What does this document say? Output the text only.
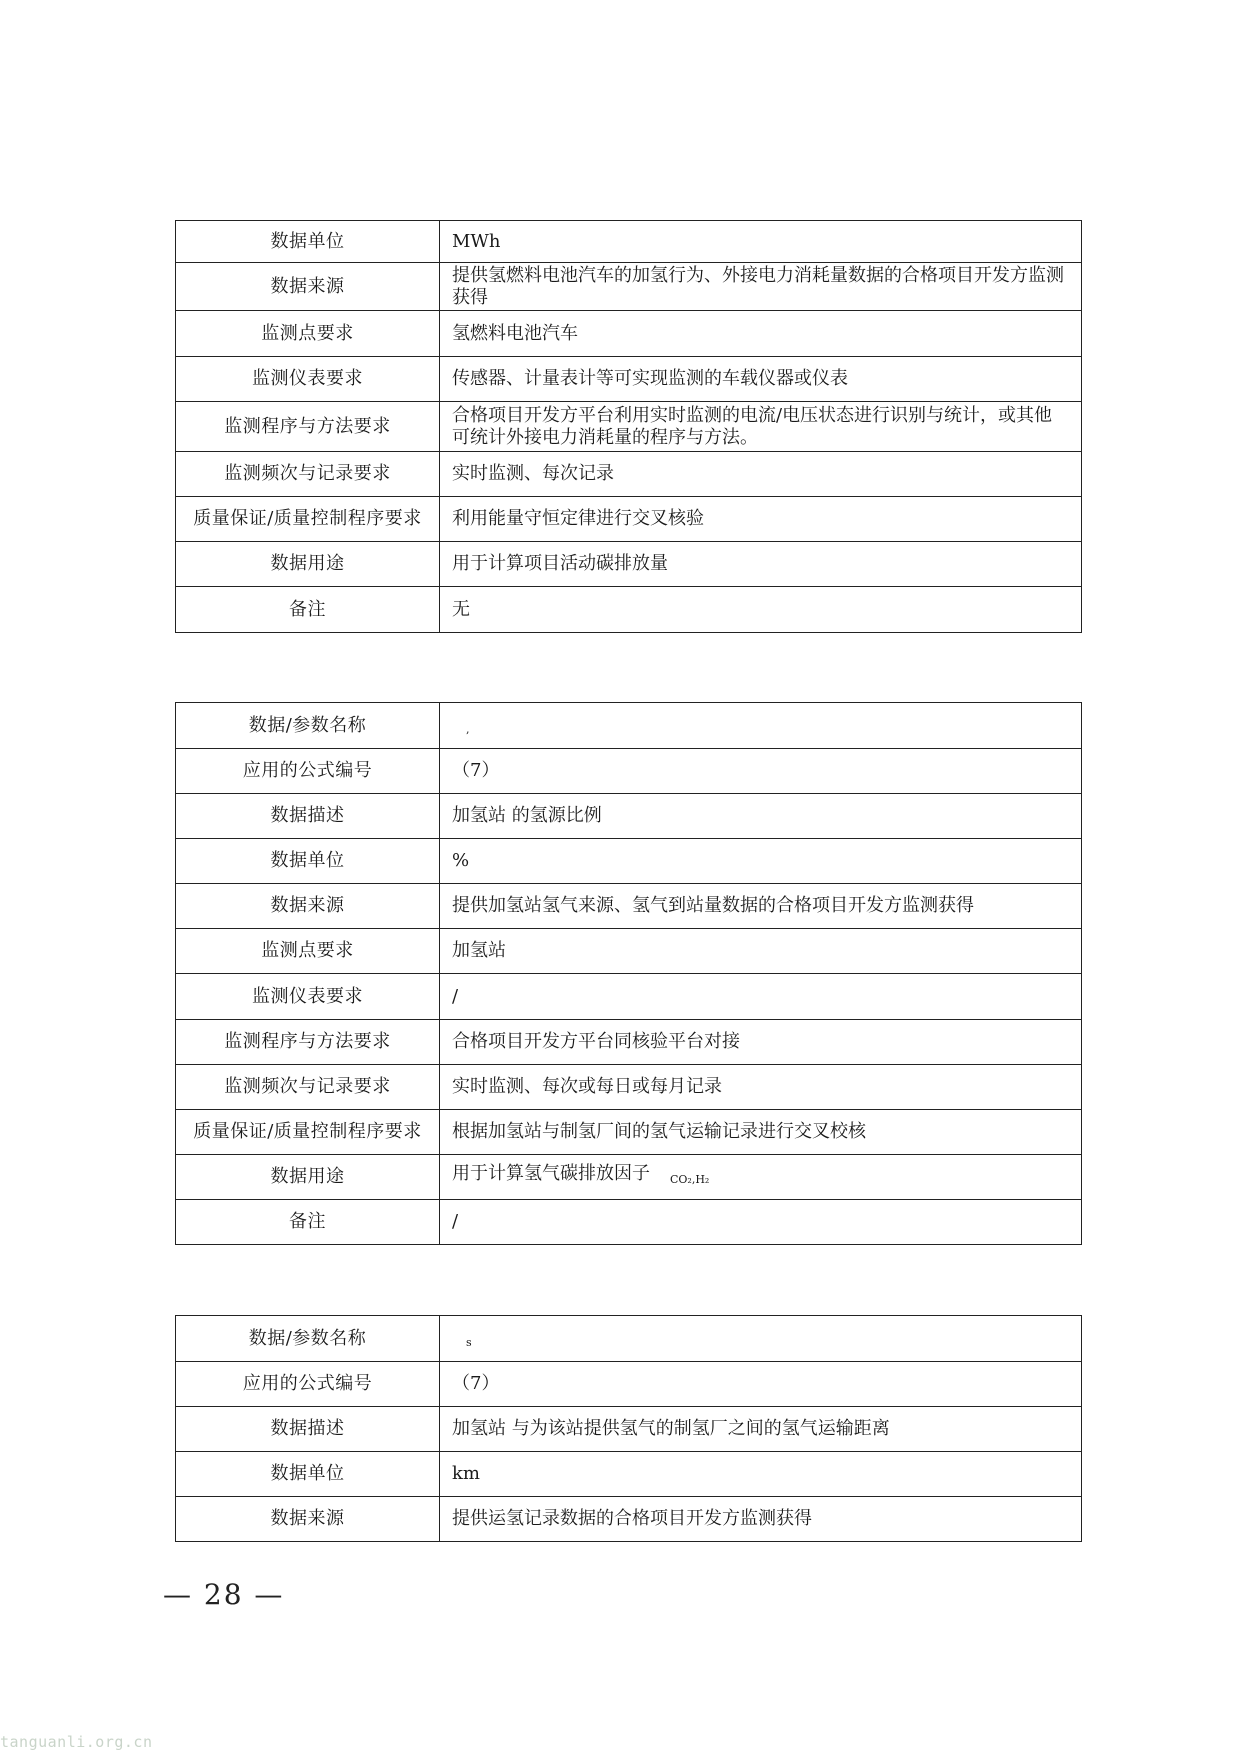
数据单位	MWh
数据来源	提供氢燃料电池汽车的加氢行为、外接电力消耗量数据的合格项目开发方监测获得
监测点要求	氢燃料电池汽车
监测仪表要求	传感器、计量表计等可实现监测的车载仪器或仪表
监测程序与方法要求	合格项目开发方平台利用实时监测的电流/电压状态进行识别与统计，或其他可统计外接电力消耗量的程序与方法。
监测频次与记录要求	实时监测、每次记录
质量保证/质量控制程序要求	利用能量守恒定律进行交叉核验
数据用途	用于计算项目活动碳排放量
备注	无
数据/参数名称	,
应用的公式编号	（7）
数据描述	加氢站 的氢源比例
数据单位	%
数据来源	提供加氢站氢气来源、氢气到站量数据的合格项目开发方监测获得
监测点要求	加氢站
监测仪表要求	/
监测程序与方法要求	合格项目开发方平台同核验平台对接
监测频次与记录要求	实时监测、每次或每日或每月记录
质量保证/质量控制程序要求	根据加氢站与制氢厂间的氢气运输记录进行交叉校核
数据用途	用于计算氢气碳排放因子 $_{CO_2,H_2}$
备注	/
数据/参数名称	s
应用的公式编号	（7）
数据描述	加氢站 与为该站提供氢气的制氢厂之间的氢气运输距离
数据单位	km
数据来源	提供运氢记录数据的合格项目开发方监测获得
— 28 —
tanguanli.org.cn
